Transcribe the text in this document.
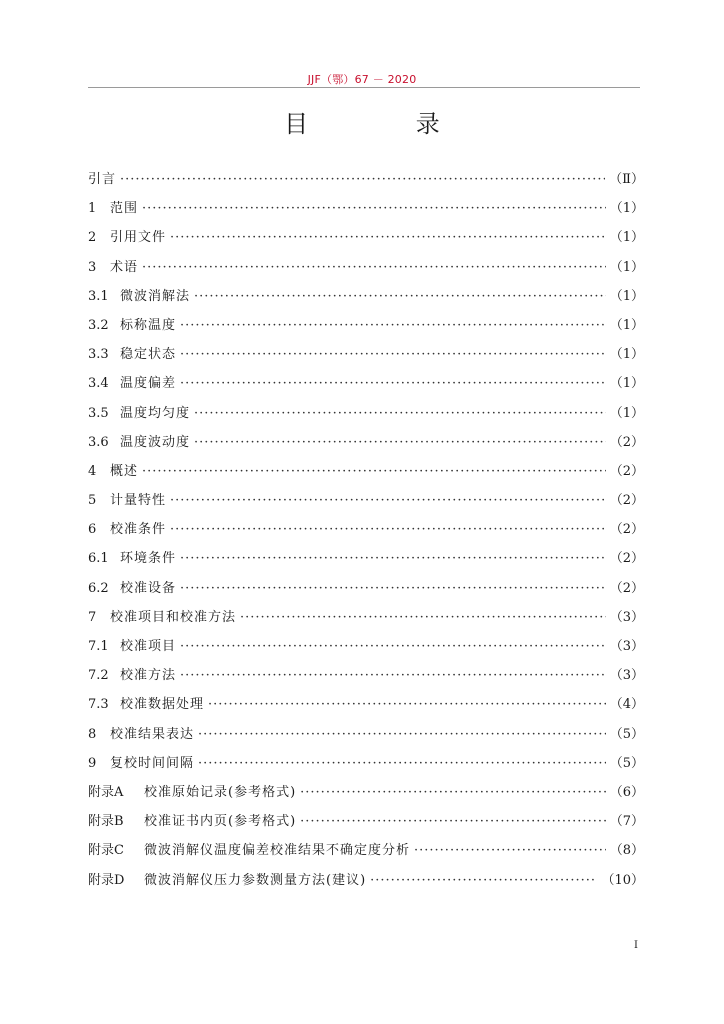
JJF（鄂）67 － 2020
目 录
引言 ·····	（Ⅱ）
1	范围 ·····	（1）
2	引用文件 ·····	（1）
3	术语 ·····	（1）
3.1 微波消解法 ·····	（1）
3.2 标称温度 ·····	（1）
3.3 稳定状态 ·····	（1）
3.4 温度偏差 ·····	（1）
3.5 温度均匀度 ·····	（1）
3.6 温度波动度 ·····	（2）
4	概述 ·····	（2）
5	计量特性 ·····	（2）
6	校准条件 ·····	（2）
6.1 环境条件 ·····	（2）
6.2 校准设备 ·····	（2）
7	校准项目和校准方法 ·····	（3）
7.1 校准项目 ·····	（3）
7.2 校准方法 ·····	（3）
7.3 校准数据处理 ·····	（4）
8	校准结果表达 ·····	（5）
9	复校时间间隔 ·····	（5）
附录A	校准原始记录(参考格式) ·····	（6）
附录B	校准证书内页(参考格式) ·····	（7）
附录C	微波消解仪温度偏差校准结果不确定度分析 ·····	（8）
附录D	微波消解仪压力参数测量方法(建议) ·····	（10）
I
